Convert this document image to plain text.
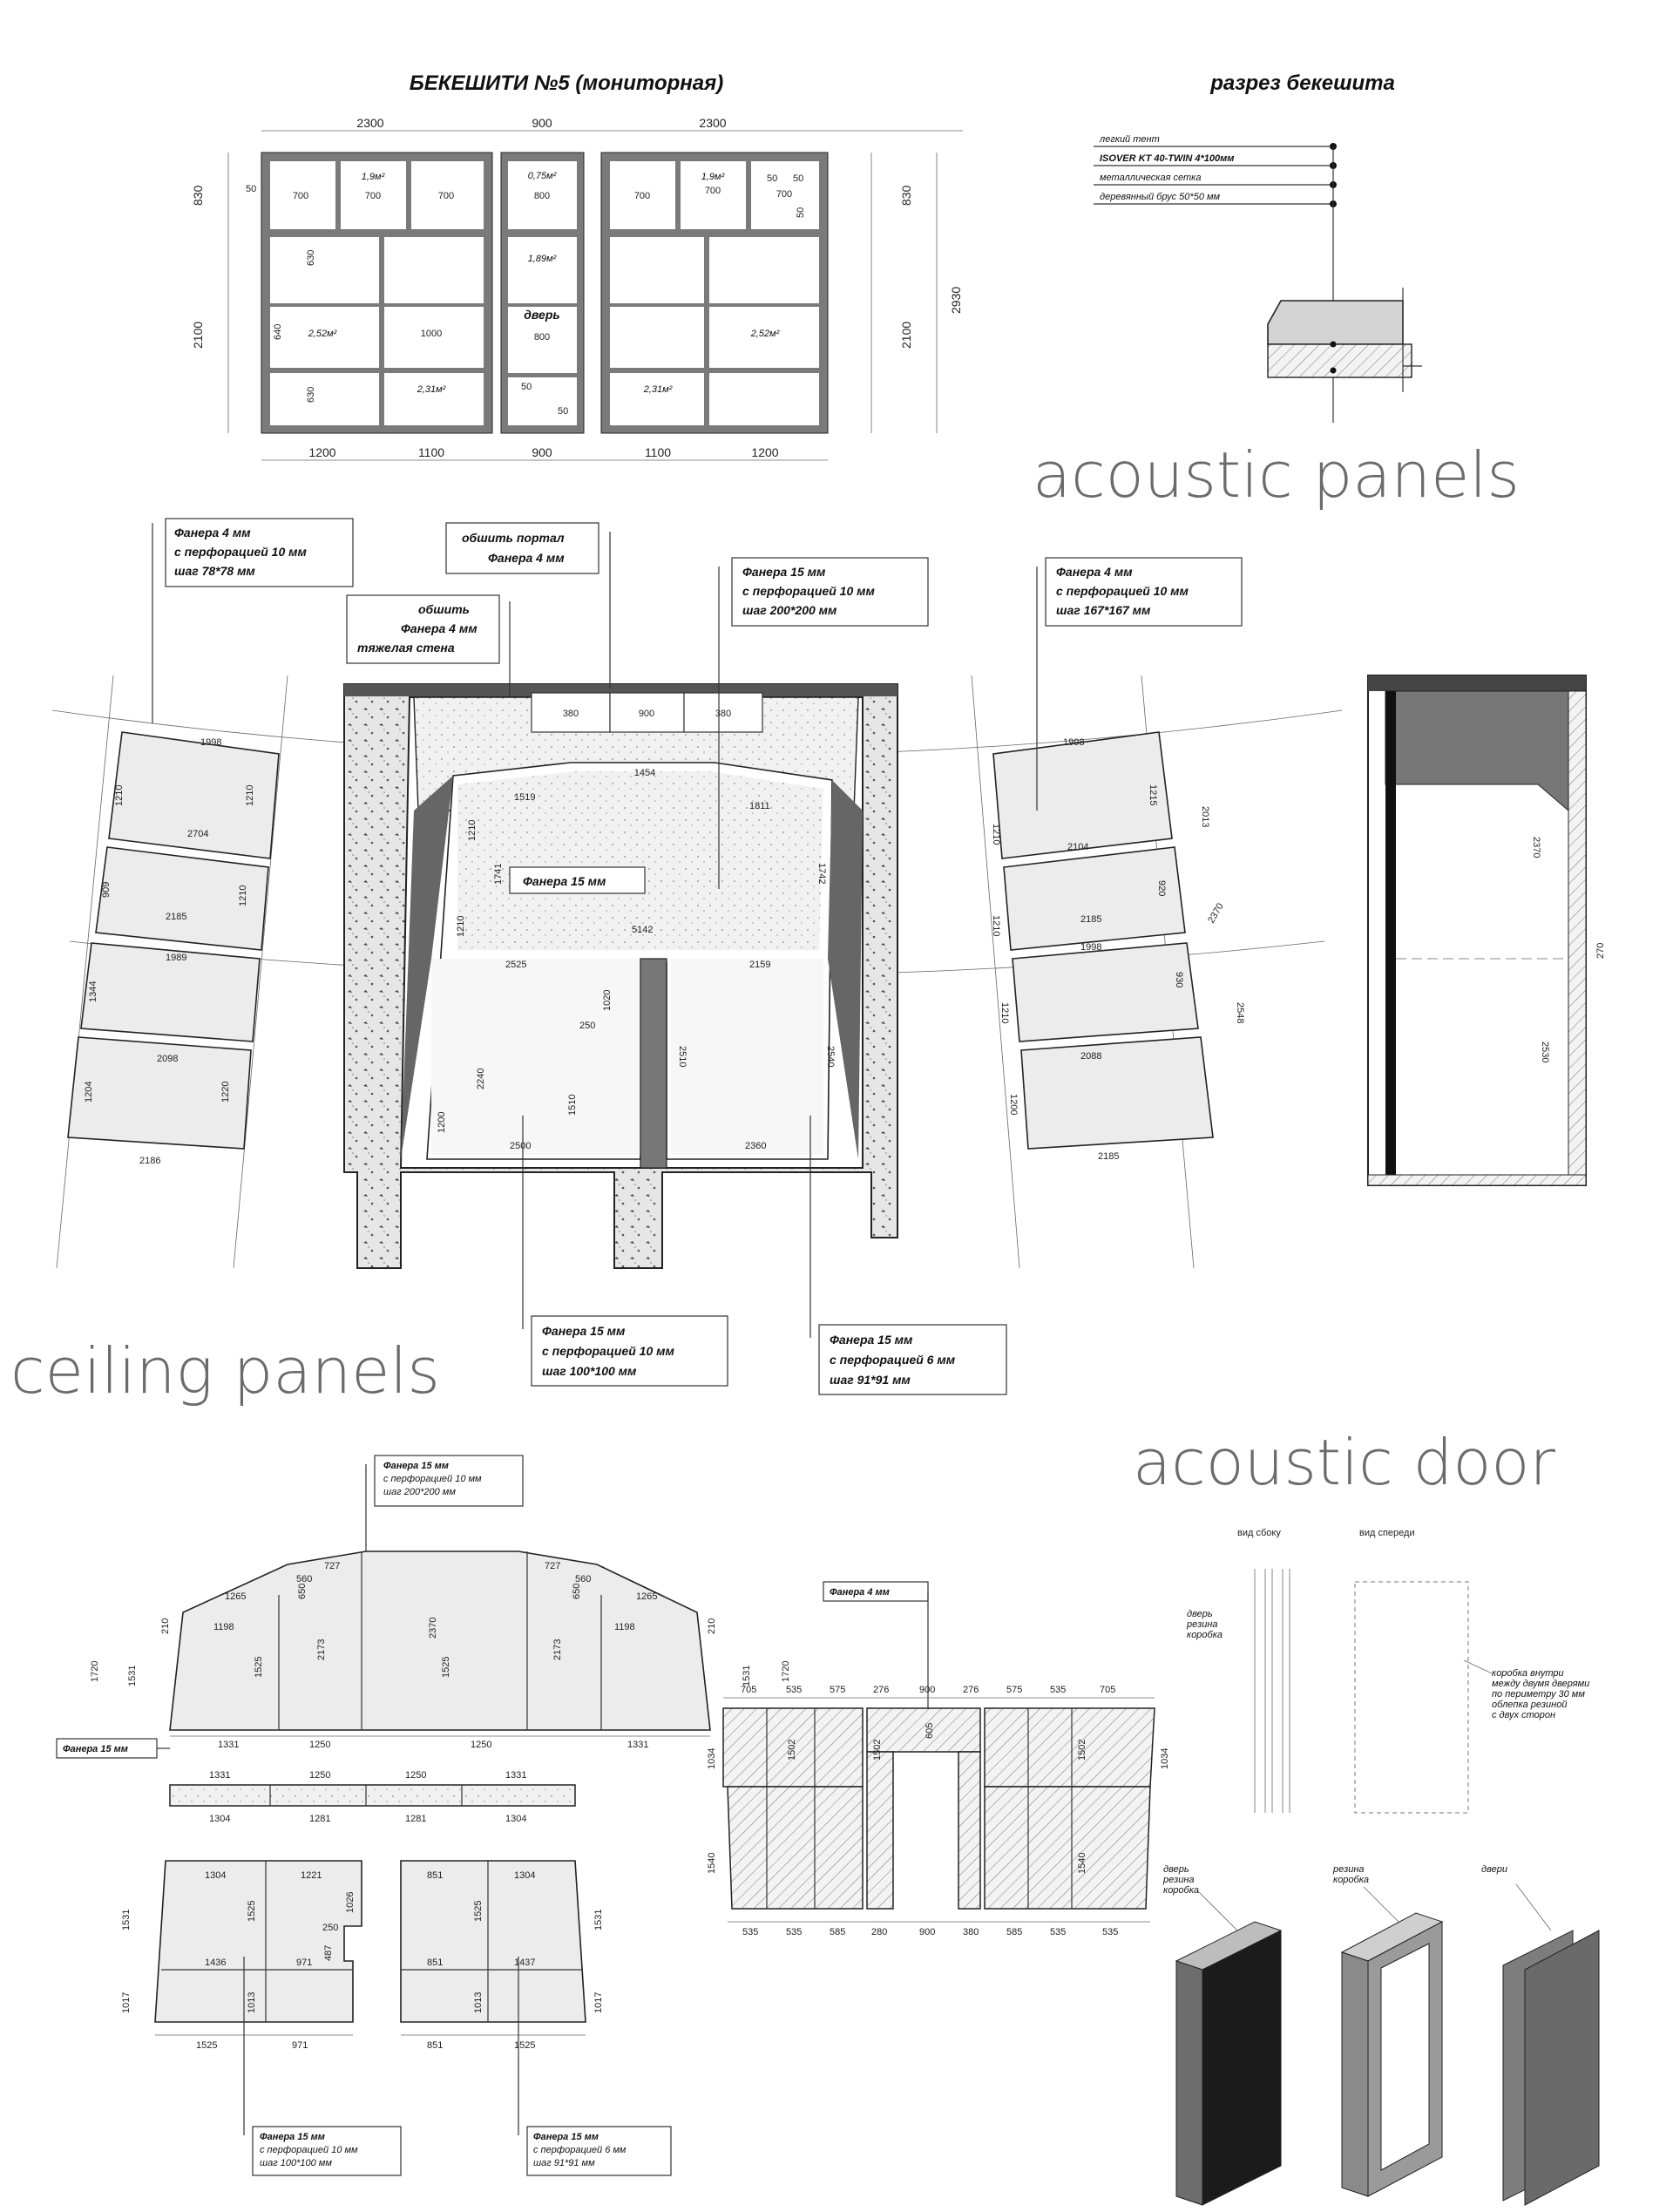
БЕКЕШИТИ №5 (мониторная)
2300	900	2300
50
700	700	700
1,9м²
630
640
630
2,52м²	1000
2,31м²
0,75м²
800
1,89м²
дверь
800
50
50
700	700	700
50 50
50
1,9м²
2,52м²
2,31м²
830
2100
830
2100
2930
1200	1100	900	1100	1200
разрез бекешита
легкий тент
ISOVER KT 40-TWIN 4*100мм
металлическая сетка
деревянный брус 50*50 мм
acoustic panels
ceiling panels
acoustic door
1998
2704
2185
1989
2098
2186
1210	1210
1210
1220
1204
1344
909
1998
2104
2185
1998
2088
2185
1210
1210
1210
1200
1215
920
930
2370
2548
2013
380	900	380
1454
1519
1811
5142
2525	2159
1741	1742
1210
1210
1020
250
1510
2240
2540
2510
1200
2500	2360
Фанера 15 мм
Фанера 4 мм
с перфорацией 10 мм
шаг 78*78 мм
обшить портал
Фанера 4 мм
обшить
Фанера 4 мм
тяжелая стена
Фанера 15 мм
с перфорацией 10 мм
шаг 200*200 мм
Фанера 4 мм
с перфорацией 10 мм
шаг 167*167 мм
Фанера 15 мм
с перфорацией 10 мм
шаг 100*100 мм
Фанера 15 мм
с перфорацией 6 мм
шаг 91*91 мм
2370
2530
270
Фанера 15 мм
с перфорацией 10 мм
шаг 200*200 мм
727	727
560	560
1265	1265
1198	1198
650	650
2173	2173
2370
1525	1525
1531	1531
1720	1720
210	210
1331	1250	1250	1331
Фанера 15 мм
1331	1250	1250	1331
1304	1281	1281	1304
1304	1221
1026
250
487
1436	971
1525
1013
1017
1531
1525	971
851	1304
1525	1531
851	1437
1013	1017
851	1525
Фанера 15 мм
с перфорацией 10 мм
шаг 100*100 мм
Фанера 15 мм
с перфорацией 6 мм
шаг 91*91 мм
Фанера 4 мм
705	535	575	276	900	276	575	535	705
1034	1502
1540
1502	1502
1540
1034
605
535	535	585	280	900	380	585	535	535
вид сбоку	вид спереди
дверь
резина
коробка
коробка внутри
между двумя дверями
по периметру 30 мм
облепка резиной
с двух сторон
дверь
резина
коробка
резина
коробка
двери
